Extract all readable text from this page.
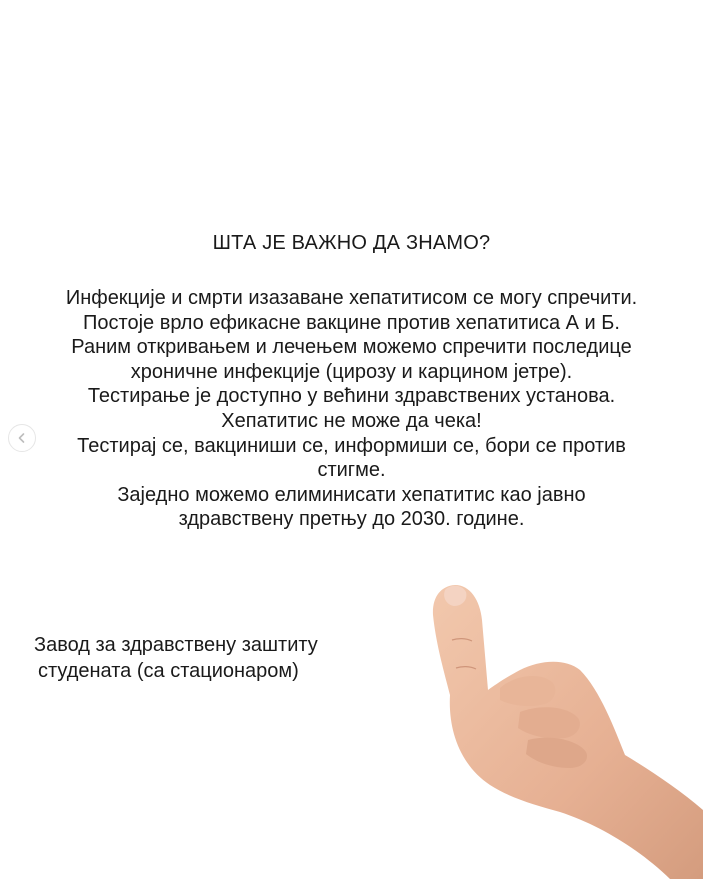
ШТА ЈЕ ВАЖНО ДА ЗНАМО?
Инфекције и смрти изазаване хепатитисом се могу спречити.
Постоје врло ефикасне вакцине против хепатитиса А и Б.
Раним откривањем и лечењем можемо спречити последице
хроничне инфекције (цирозу и карцином јетре).
Тестирање је доступно у већини здравствених установа.
Хепатитис не може да чека!
Тестирај се, вакциниши се, информиши се, бори се против
стигме.
Заједно можемо елиминисати хепатитис као јавно
здравствену претњу до 2030. године.
Завод за здравствену заштиту
студената (са стационаром)
